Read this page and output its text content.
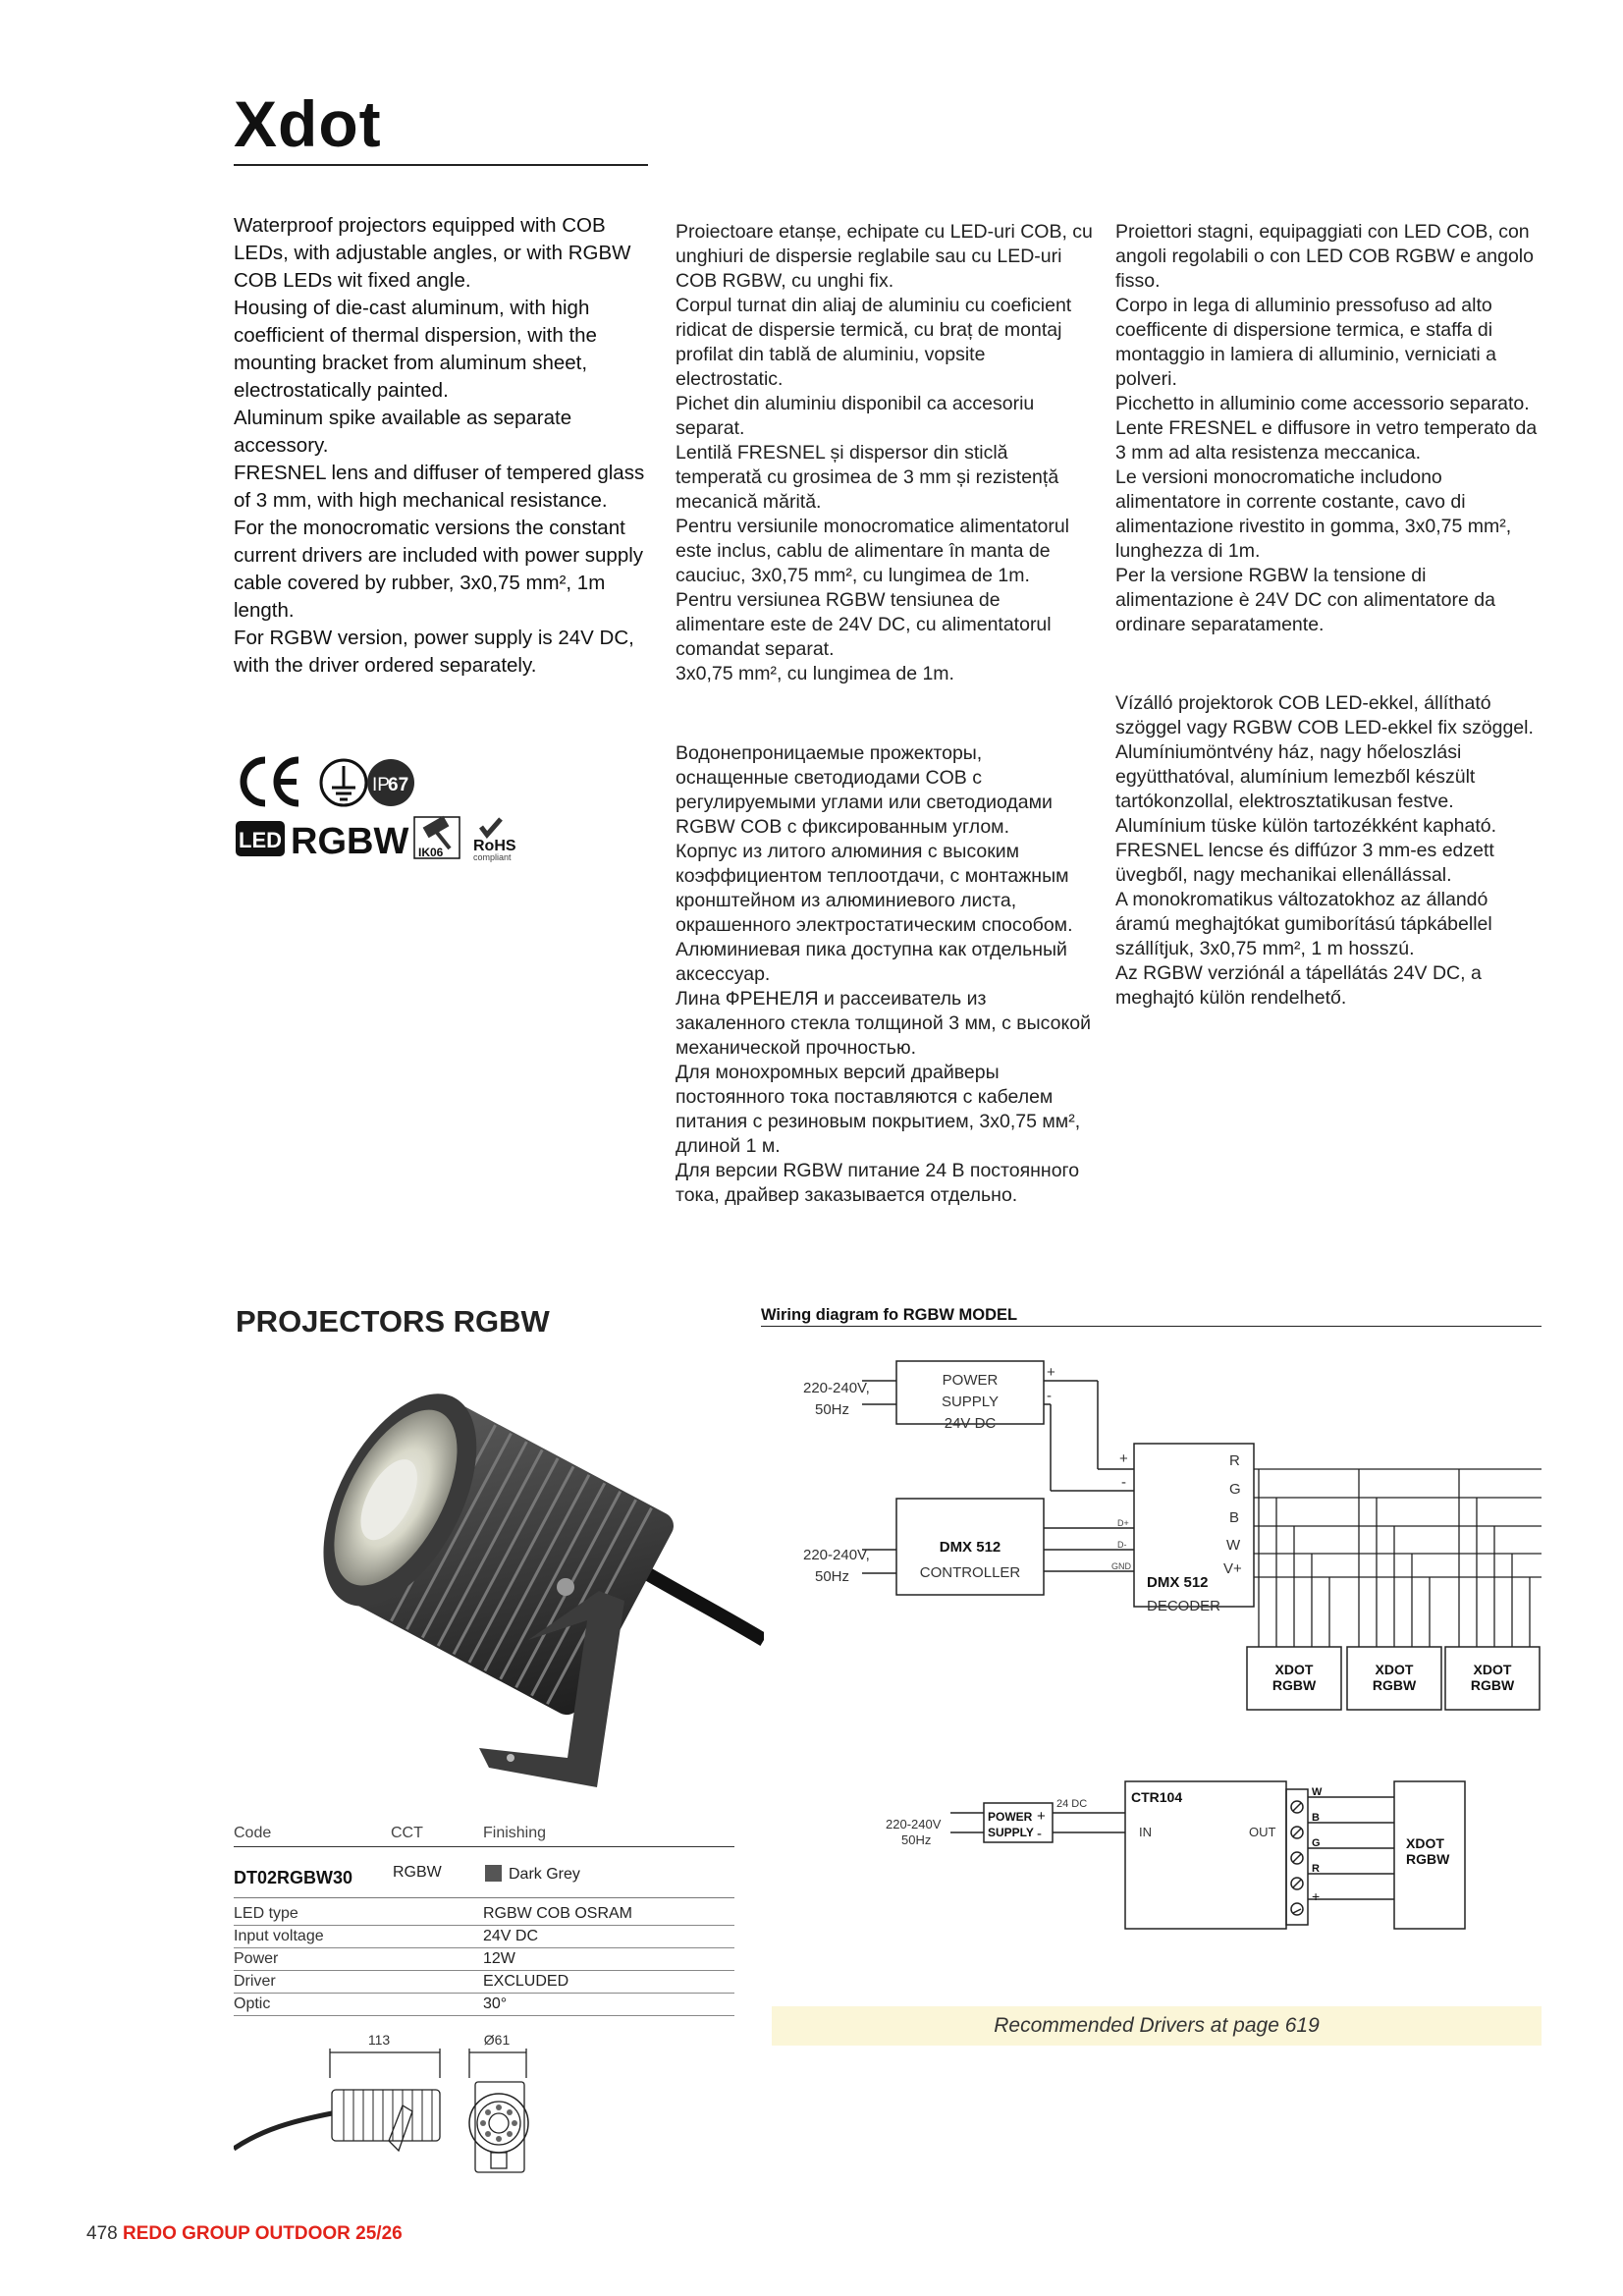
Xdot

Waterproof projectors equipped with COB LEDs, with adjustable angles, or with RGBW COB LEDs wit fixed angle.

Housing of die-cast aluminum, with high coefficient of thermal dispersion, with the mounting bracket from aluminum sheet, electrostatically painted.

Aluminum spike available as separate accessory.

FRESNEL lens and diffuser of tempered glass of 3 mm, with high mechanical resistance.

For the monocromatic versions the constant current drivers are included with power supply cable covered by rubber, 3x0,75 mm², 1m length.

For RGBW version, power supply is 24V DC, with the driver ordered separately.

Proiectoare etanșe, echipate cu LED-uri COB, cu unghiuri de dispersie reglabile sau cu LED-uri COB RGBW, cu unghi fix.

Corpul turnat din aliaj de aluminiu cu coeficient ridicat de dispersie termică, cu braț de montaj profilat din tablă de aluminiu, vopsite electrostatic.

Pichet din aluminiu disponibil ca accesoriu separat.

Lentilă FRESNEL și dispersor din sticlă temperată cu grosimea de 3 mm și rezistență mecanică mărită.

Pentru versiunile monocromatice alimentatorul este inclus, cablu de alimentare în manta de cauciuc, 3x0,75 mm², cu lungimea de 1m.

Pentru versiunea RGBW tensiunea de alimentare este de 24V DC, cu alimentatorul comandat separat.

3x0,75 mm², cu lungimea de 1m.

Водонепроницаемые прожекторы, оснащенные светодиодами COB с регулируемыми углами или светодиодами RGBW COB с фиксированным углом.

Корпус из литого алюминия с высоким коэффициентом теплоотдачи, с монтажным кронштейном из алюминиевого листа, окрашенного электростатическим способом.

Алюминиевая пика доступна как отдельный аксессуар.

Линa ФРЕНЕЛЯ и рассеиватель из закаленного стекла толщиной 3 мм, с высокой механической прочностью.

Для монохромных версий драйверы постоянного тока поставляются с кабелем питания с резиновым покрытием, 3x0,75 мм², длиной 1 м.

Для версии RGBW питание 24 В постоянного тока, драйвер заказывается отдельно.

Proiettori stagni, equipaggiati con LED COB, con angoli regolabili o con LED COB RGBW e angolo fisso.

Corpo in lega di alluminio pressofuso ad alto coefficente di dispersione termica, e staffa di montaggio in lamiera di alluminio, verniciati a polveri.

Picchetto in alluminio come accessorio separato.

Lente FRESNEL e diffusore in vetro temperato da 3 mm ad alta resistenza meccanica.

Le versioni monocromatiche includono alimentatore in corrente costante, cavo di alimentazione rivestito in gomma, 3x0,75 mm², lunghezza di 1m.

Per la versione RGBW la tensione di alimentazione è 24V DC con alimentatore da ordinare separatamente.

Vízálló projektorok COB LED-ekkel, állítható szöggel vagy RGBW COB LED-ekkel fix szöggel.

Alumíniumöntvény ház, nagy hőeloszlási együtthatóval, alumínium lemezből készült tartókonzollal, elektrosztatikusan festve.

Alumínium tüske külön tartozékként kapható.

FRESNEL lencse és diffúzor 3 mm-es edzett üvegből, nagy mechanikai ellenállással.

A monokromatikus változatokhoz az állandó áramú meghajtókat gumiborítású tápkábellel szállítjuk, 3x0,75 mm², 1 m hosszú.

Az RGBW verziónál a tápellátás 24V DC, a meghajtó külön rendelhető.

IP
67
LED RGBW IK06 RoHS
compliant
PROJECTORS RGBW	Wiring diagram fo RGBW MODEL
220-240V,
50Hz
220-240V,
50Hz
POWER
SUPPLY
24V DC
+
-
+
-
DMX 512
CONTROLLER
DMX 512
DECODER
R
G
B
W
V+
D+
D-
GND
XDOT
RGBW
XDOT
RGBW
XDOT
RGBW
220-240V
50Hz
IN	OUT
24 DC
POWER
SUPPLY
+
-
CTR104	W
B
G
R
+
XDOT
RGBW
Code	CCT	Finishing
DT02RGBW30	RGBW	Dark Grey
LED type	RGBW COB OSRAM
Input voltage	24V DC
Power	12W
Driver	EXCLUDED
Optic	30°
113	Ø61
Recommended Drivers at page 619
478 REDO GROUP OUTDOOR 25/26
